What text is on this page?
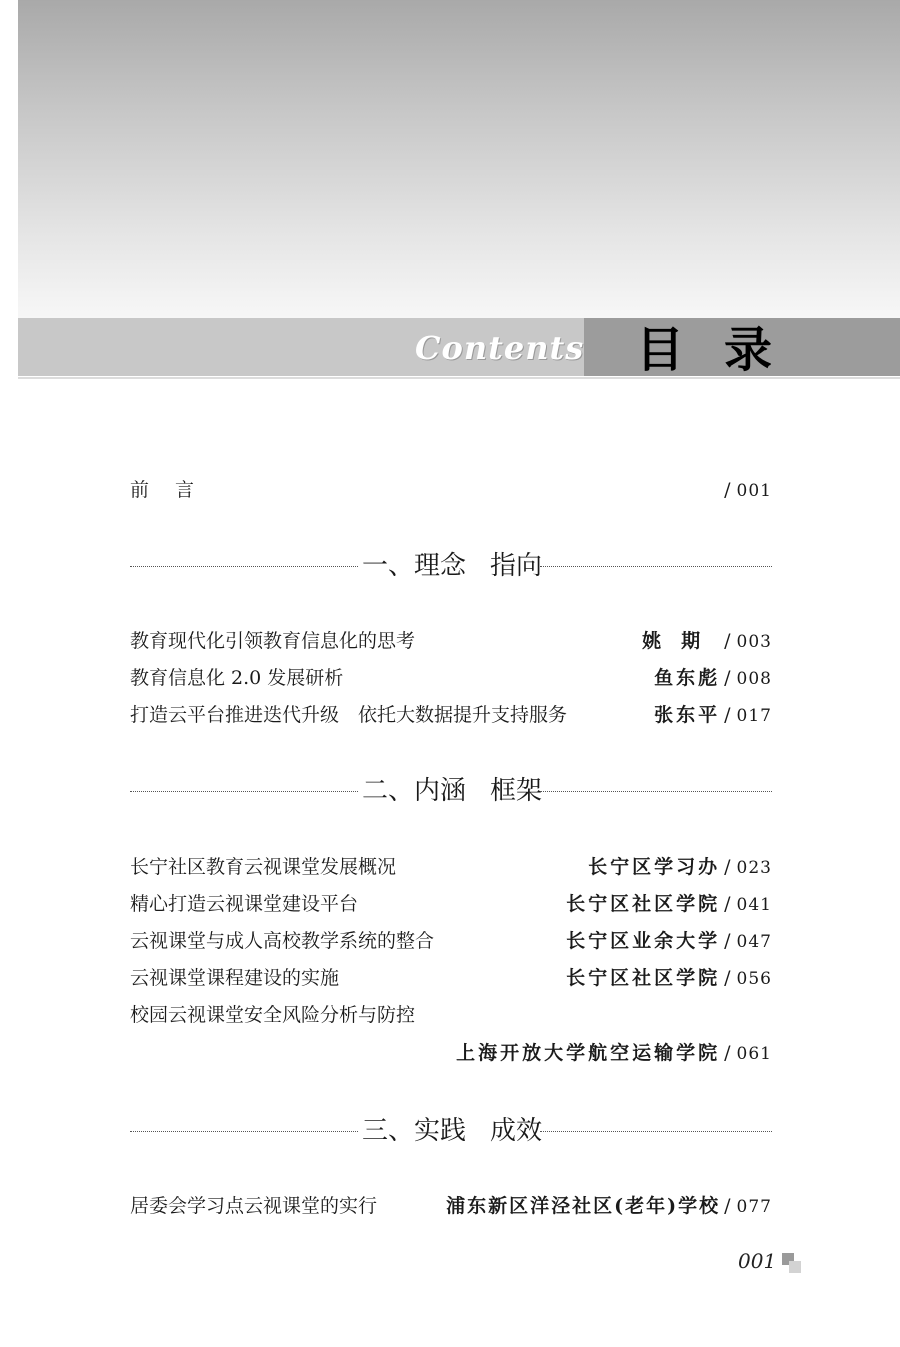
Contents 目录
前言	/ 001
一、理念 指向
教育现代化引领教育信息化的思考	姚期 / 003
教育信息化 2.0 发展研析	鱼东彪 / 008
打造云平台推进迭代升级　依托大数据提升支持服务	张东平 / 017
二、内涵 框架
长宁社区教育云视课堂发展概况	长宁区学习办 / 023
精心打造云视课堂建设平台	长宁区社区学院 / 041
云视课堂与成人高校教学系统的整合	长宁区业余大学 / 047
云视课堂课程建设的实施	长宁区社区学院 / 056
校园云视课堂安全风险分析与防控
上海开放大学航空运输学院 / 061
三、实践 成效
居委会学习点云视课堂的实行	浦东新区洋泾社区(老年)学校 / 077
001
